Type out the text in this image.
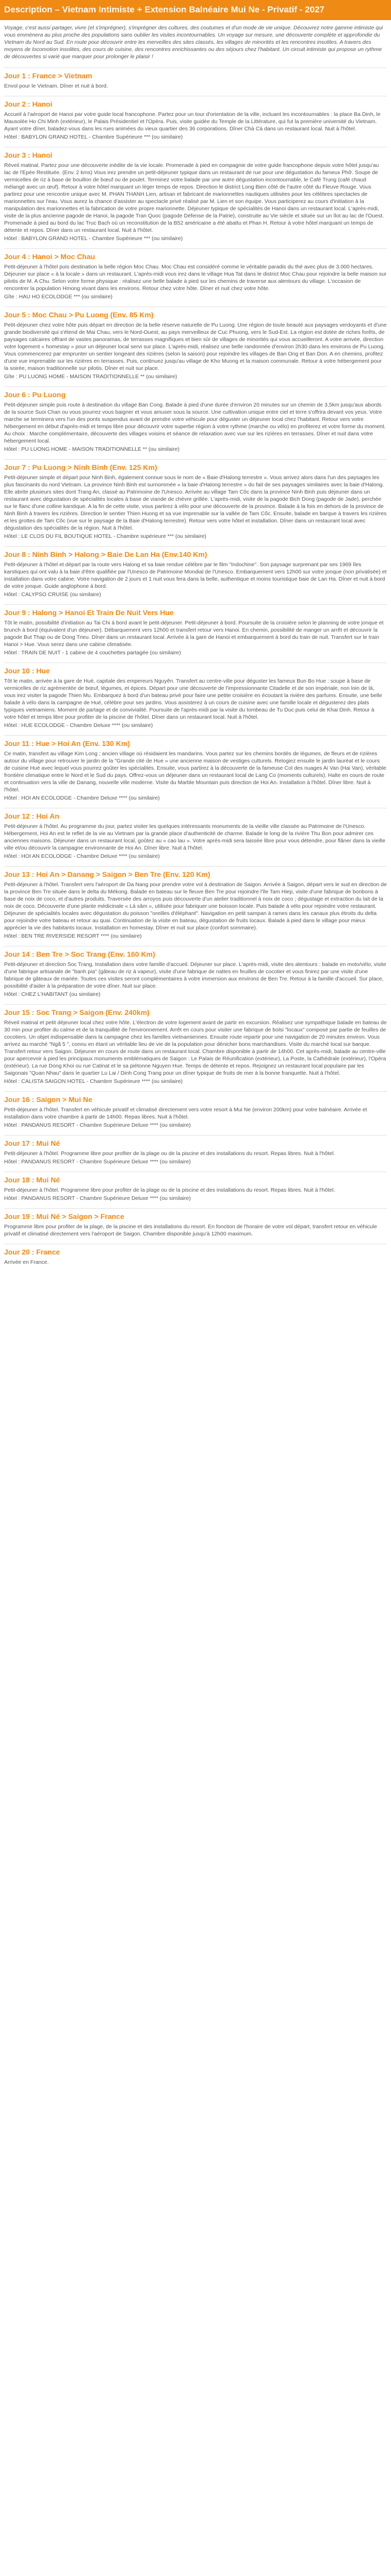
Description – Vietnam Intimiste + Extension Balnéaire Mui Ne - Privatif - 2027

Voyage, c'est aussi partager, vivre (et s'imprégner), s'imprégner des cultures, des coutumes et d'un mode de vie unique. Découvrez notre gamme intimiste qui vous emmènera au plus proche des populations sans oublier les visites incontournables. Un voyage sur mesure, une découverte complète et approfondie du Vietnam du Nord au Sud. En route pour découvrir entre les merveilles des sites classés, les villages de minorités et les rencontres insolites. A travers des moyens de locomotion insolites, des cours de cuisine, des rencontres enrichissantes ou des séjours chez l'habitant. Un circuit intimiste qui propose un rythme de découvertes si varié que marquer pour prolonger le plaisir !

Jour 1 : France > Vietnam

Envol pour le Vietnam. Dîner et nuit à bord.

Jour 2 : Hanoi

Accueil à l'aéroport de Hanoi par votre guide local francophone. Partez pour un tour d'orientation de la ville, incluant les incontournables : la place Ba Dinh, le Mausolée Ho Chi Minh (extérieur), le Palais Présidentiel et l'Opéra. Puis, visite guidée du Temple de la Littérature, qui fut la première université du Vietnam. Ayant votre dîner, baladez-vous dans les rues animées du vieux quartier des 36 corporations. Dîner Chà Cá dans un restaurant local. Nuit à l'hôtel.

Hôtel : BABYLON GRAND HOTEL - Chambre Supérieure *** (ou similaire)

Jour 3 : Hanoi

Réveil matinal. Partez pour une découverte inédite de la vie locale. Promenade à pied en compagnie de votre guide francophone depuis votre hôtel jusqu'au lac de l'Epée Restituée. (Env. 2 kms) Vous irez prendre un petit-déjeuner typique dans un restaurant de rue pour une dégustation du fameux Phở. Soupe de vermicelles de riz à base de bouillon de bœuf ou de poulet. Terminez votre balade par une autre dégustation incontournable, le Café Trung (café chaud mélangé avec un œuf). Retour à votre hôtel marquant un léger temps de repos. Direction le district Long Bien côté de l'autre côté du Fleuve Rouge. Vous partirez pour une rencontre unique avec M. PHAN THANH Lien, artisan et fabricant de marionnettes nautiques utilisées pour les célèbres spectacles de marionnettes sur l'eau. Vous aurez la chance d'assister au spectacle privé réalisé par M. Lien et son équipe. Vous participerez au cours d'initiation à la manipulation des marionnettes et la fabrication de votre propre marionnette. Déjeuner typique de spécialités de Hanoi dans un restaurant local. L'après-midi, visite de la plus ancienne pagode de Hanoi, la pagode Tran Quoc (pagode Défense de la Patrie), construite au Vie siècle et située sur un îlot au lac de l'Ouest. Promenade à pied au bord du lac Truc Bach où un reconstitution de la B52 américaine a été abattu et Phan H. Retour à votre hôtel marquant un temps de détente et repos. Dîner dans un restaurant local. Nuit à l'hôtel.

Hôtel : BABYLON GRAND HOTEL - Chambre Supérieure *** (ou similaire)

Jour 4 : Hanoi > Moc Chau

Petit-déjeuner à l'hôtel puis destination la belle région Moc Chau. Moc Chau est considéré comme le véritable paradis du thé avec plus de 3.000 hectares. Déjeuner sur place « à la locale » dans un restaurant. L'après-midi vous irez dans le village Hua Tat dans le district Moc Chau pour rejoindre la belle maison sur pilotis de M. A Chu. Selon votre forme physique : réalisez une belle balade à pied sur les chemins de traverse aux alentours du village. L'occasion de rencontrer la population Hmong vivant dans les environs. Retour chez votre hôte. Dîner et nuit chez votre hôte.

Gîte : HAU HO ECOLODGE *** (ou similaire)

Jour 5 : Moc Chau > Pu Luong (Env. 85 Km)

Petit-déjeuner chez votre hôte puis départ en direction de la belle réserve naturelle de Pu Luong. Une région de toute beauté aux paysages verdoyants et d'une grande biodiversité qui s'étend de Mai Chau, vers le Nord-Ouest, au pays merveilleux de Cuc Phuong, vers le Sud-Est. La région est dotée de riches forêts, de paysages calcaires offrant de vastes panoramas, de terrasses magnifiques et bien sûr de villages de minorités qui vous accueilleront. A votre arrivée, direction votre logement « homestay » pour un déjeuner local servi sur place. L'après-midi, réalisez une belle randonnée d'environ 2h30 dans les environs de Pu Luong. Vous commencerez par emprunter un sentier longeant des rizières (selon la saison) pour rejoindre les villages de Ban Ong et Ban Don. A en chemins, profitez d'une vue imprenable sur les rizières en terrasses. Puis, continuez jusqu'au village de Kho Muong et la maison communale. Retour à votre hébergement pour la soirée, maison traditionnelle sur pilotis. Dîner et nuit sur place.

Gîte : PU LUONG HOME - MAISON TRADITIONNELLE ** (ou similaire)

Jour 6 : Pu Luong

Petit-déjeuner simple puis route à destination du village Ban Cong. Balade à pied d'une durée d'environ 20 minutes sur un chemin de 3,5km jusqu'aux abords de la source Suoi Chan ou vous pourrez vous baigner et vous amuser sous la source. Une cultivation unique entre ciel et terre s'offrira devant vos yeux. Votre marche se terminera vers l'un des ponts suspendus avant de prendre votre véhicule pour déguster un déjeuner local chez l'habitant. Retour vers votre hébergement en début d'après-midi et temps libre pour découvrir votre superbe région à votre rythme (marche ou vélo) en profiterez et votre forme du moment. Au choix : Marche complémentaire, découverte des villages voisins et séance de relaxation avec vue sur les rizières en terrasses. Dîner et nuit dans votre hébergement local.

Hôtel : PU LUONG HOME - MAISON TRADITIONNELLE ** (ou similaire)

Jour 7 : Pu Luong > Ninh Binh (Env. 125 Km)

Petit-déjeuner simple et départ pour Ninh Binh, également connue sous le nom de « Baie d'Halong terrestre ». Vous arrivez alors dans l'un des paysages les plus fascinants du nord Vietnam. La province Ninh Binh est surnommée « la baie d'Halong terrestre » du fait de ses paysages similaires avec la baie d'Halong. Elle abrite plusieurs sites dont Trang An, classé au Patrimoine de l'Unesco. Arrivée au village Tam Côc dans la province Ninh Binh puis déjeuner dans un restaurant avec dégustation de spécialités locales à base de viande de chèvre grillée. L'après-midi, visite de la pagode Bich Dong (pagode de Jade), perchée sur le flanc d'une colline karstique. A la fin de cette visite, vous partirez à vélo pour une découverte de la province. Balade à la fois en dehors de la province de Ninh Binh à travers les rizières. Direction le sentier Thien Huong et sa vue imprenable sur la vallée de Tam Cốc. Ensuite, balade en barque à travers les rizières et les grottes de Tam Côc (vue sur le paysage de la Baie d'Halong terrestre). Retour vers votre hôtel et installation. Dîner dans un restaurant local avec dégustation des spécialités de la région. Nuit à l'hôtel.

Hôtel : LE CLOS DU FIL BOUTIQUE HOTEL - Chambre supérieure *** (ou similaire)

Jour 8 : Ninh Binh > Halong > Baie De Lan Ha (Env.140 Km)

Petit-déjeuner à l'hôtel et départ par la route vers Halong et sa baie rendue célèbre par le film "Indochine". Son paysage surprenant par ses 1969 îles karstiques qui ont valu à la baie d'être qualifiée par l'Unesco de Patrimoine Mondial de l'Unesco. Embarquement vers 12h00 sur votre jonque (non privatisée) et installation dans votre cabine. Votre navigation de 2 jours et 1 nuit vous fera dans la belle, authentique et moins touristique baie de Lan Ha. Dîner et nuit à bord de votre jonque. Guide anglophone à bord.

Hôtel : CALYPSO CRUISE (ou similaire)

Jour 9 : Halong > Hanoi Et Train De Nuit Vers Hue

Tôt le matin, possibilité d'initiation au Tai Chi à bord avant le petit-déjeuner. Petit-déjeuner à bord. Poursuite de la croisière selon le planning de votre jonque et brunch à bord (équivalent d'un déjeuner). Débarquement vers 12h00 et transfert retour vers Hanoi. En chemin, possibilité de manger un arrêt et découvrir la pagode But Thap ou de Dong Trieu. Dîner dans un restaurant local. Arrivée à la gare de Hanoi et embarquement à bord du train de nuit. Transfert sur le train Hanoi > Hue. Vous serez dans une cabine climatisée.

Hôtel : TRAIN DE NUIT - 1 cabine de 4 couchettes partagée (ou similaire)

Jour 10 : Hue

Tôt le matin, arrivée à la gare de Hué, capitale des empereurs Nguyên. Transfert au centre-ville pour déguster les fameux Bun Bo Hue : soupe à base de vermicelles de riz agrémentée de bœuf, légumes, et épices. Départ pour une découverte de l'impressionnante Citadelle et de son impériale, non loin de là, vous irez visiter la pagode Thien Mu. Embarquez à bord d'un bateau privé pour faire une petite croisière en écoutant la rivière des parfums. Ensuite, une belle balade à vélo dans la campagne de Hué, célèbre pour ses jardins. Vous assisterez à un cours de cuisine avec une famille locale et dégusterez des plats typiques vietnamiens. Moment de partage et de convivialité. Poursuite de l'après-midi par la visite du tombeau de Tu Duc puis celui de Khai Dinh. Retour à votre hôtel et temps libre pour profiter de la piscine de l'hôtel. Dîner dans un restaurant local. Nuit à l'hôtel.

Hôtel : HUE ECOLODGE - Chambre Deluxe **** (ou similaire)

Jour 11 : Hue > Hoi An (Env. 130 Km)

Ce matin, transfert au village Kim Long ; ancien village où résidaient les mandarins. Vous partez sur les chemins bordés de légumes, de fleurs et de rizières autour du village pour retrouver le jardin de la "Grande cité de Hue » une ancienne maison de vestiges culturels. Relogiez ensuite le jardin lauréat et le cours de cuisine Hué avec lequel vous pourrez goûter les spécialités. Ensuite, vous partirez à la découverte de la fameuse Col des nuages Ai Van (Hai Van), véritable frontière climatique entre le Nord et le Sud du pays. Offrez-vous un déjeuner dans un restaurant local de Lang Co (moments culturels). Halte en cours de route et continuation vers la ville de Danang, nouvelle ville moderne. Visite du Marble Mountain puis direction de Hoi An. Installation à l'hôtel. Dîner libre. Nuit à l'hôtel.

Hôtel : HOI AN ECOLODGE - Chambre Deluxe **** (ou similaire)

Jour 12 : Hoi An

Petit-déjeuner à l'hôtel. Au programme du jour, partez visiter les quelques intéressants monuments de la vieille ville classée au Patrimoine de l'Unesco. Hébergement, Hoi An est le reflet de la vie au Vietnam par la grande place d'authenticité de charme. Balade le long de la rivière Thu Bon pour admirer ces anciennes maisons. Déjeuner dans un restaurant local, goûtez au « cao lau ». Votre après-midi sera laissée libre pour vous détendre, pour flâner dans la vieille ville et/ou découvrir la campagne environnante de Hoi An. Dîner libre. Nuit à l'hôtel.

Hôtel : HOI AN ECOLODGE - Chambre Deluxe **** (ou similaire)

Jour 13 : Hoi An > Danang > Saigon > Ben Tre (Env. 120 Km)

Petit-déjeuner à l'hôtel. Transfert vers l'aéroport de Da Nang pour prendre votre vol à destination de Saigon. Arrivée à Saigon, départ vers le sud en direction de la province Ben Tre située dans le delta du Mékong. Balade en bateau sur le fleuve Ben Tre pour rejoindre l'île Tam Hiep, visite d'une fabrique de bonbons à base de noix de coco, et d'autres produits. Traversée des arroyos puis découverte d'un atelier traditionnel à noix de coco ; dégustage et extraction du lait de la noix de coco. Découverte d'une plante médicinale « Lá sâm », utilisée pour fabriquer une boisson locale. Puis balade à vélo pour rejoindre votre restaurant. Déjeuner de spécialités locales avec dégustation du poisson "oreilles d'éléphant". Navigation en petit sampan à rames dans les canaux plus étroits du delta pour rejoindre votre bateau et retour au quai. Continuation de la visite en bateau, dégustation de fruits locaux. Balade à pied dans le village pour mieux apprécier la vie des habitants locaux. Installation en homestay. Dîner et nuit sur place (confort sommaire).

Hôtel : BEN TRE RIVERSIDE RESORT **** (ou similaire)

Jour 14 : Ben Tre > Soc Trang (Env. 160 Km)

Petit-déjeuner et direction Soc Trang. Installation dans votre famille d'accueil. Déjeuner sur place. L'après-midi, visite des alentours : balade en moto/vélo, visite d'une fabrique artisanale de "banh pia" (gâteau de riz à vapeur), visite d'une fabrique de nattes en feuilles de cocotier et vous finirez par une visite d'une fabrique de gâteaux de mariée. Toutes ces visites seront complémentaires à votre immersion aux environs de Ben Tre. Retour à la famille d'accueil. Sur place, possibilité d'aider à la préparation de votre dîner. Nuit sur place.

Hôtel : CHEZ L'HABITANT (ou similaire)

Jour 15 : Soc Trang > Saigon (Env. 240km)

Réveil matinal et petit déjeuner local chez votre hôte. L'électron de votre logement avant de partir en excursion. Réalisez une sympathique balade en bateau de 30 min pour profiter du calme et de la tranquillité de l'environnement. Arrêt en cours pour visiter une fabrique de bolsi "locaux" composé par partie de feuilles de cocotiers. Un objet indispensable dans la campagne chez les familles vietnamiennes. Ensuite route repartir pour une navigation de 20 minutes environ. Vous arrivez au marché "Ngã 5 ", connu en étant un véritable lieu de vie de la population pour dénicher bons marchandises. Visite du marché local sur barque. Transfert retour vers Saigon. Déjeuner en cours de route dans un restaurant local. Chambre disponible à partir de 14h00. Cet après-midi, balade au centre-ville pour apercevoir à pied les principaux monuments emblématiques de Saigon : Le Palais de Réunification (extérieur), La Poste, la Cathédrale (extérieur), l'Opéra (extérieur). La rue Dong Khoi ou rue Catinat et le sa piétonne Nguyen Hue. Temps de détente et repos. Rejoignez un restaurant local populaire par les Saigonais "Quan Nhau" dans le quartier Lu Lai / Dinh Cong Trang pour un dîner typique de fruits de mer à la bonne franquette. Nuit à l'hôtel.

Hôtel : CALISTA SAIGON HOTEL - Chambre Supérieure **** (ou similaire)

Jour 16 : Saigon > Mui Ne

Petit-déjeuner à l'hôtel. Transfert en véhicule privatif et climatisé directement vers votre resort à Mui Ne (environ 200km) pour votre balnéaire. Arrivée et installation dans votre chambre à partir de 14h00. Repas libres. Nuit à l'hôtel.

Hôtel : PANDANUS RESORT - Chambre Supérieure Deluxe **** (ou similaire)

Jour 17 : Mui Né

Petit-déjeuner à l'hôtel. Programme libre pour profiter de la plage ou de la piscine et des installations du resort. Repas libres. Nuit à l'hôtel.

Hôtel : PANDANUS RESORT - Chambre Supérieure Deluxe **** (ou similaire)

Jour 18 : Mui Né

Petit-déjeuner à l'hôtel. Programme libre pour profiter de la plage ou de la piscine et des installations du resort. Repas libres. Nuit à l'hôtel.

Hôtel : PANDANUS RESORT - Chambre Supérieure Deluxe **** (ou similaire)

Jour 19 : Mui Né > Saigon > France

Programme libre pour profiter de la plage, de la piscine et des installations du resort. En fonction de l'horaire de votre vol départ, transfert retour en véhicule privatif et climatisé directement vers l'aéroport de Saigon. Chambre disponible jusqu'à 12h00 maximum.

Jour 20 : France

Arrivée en France.
